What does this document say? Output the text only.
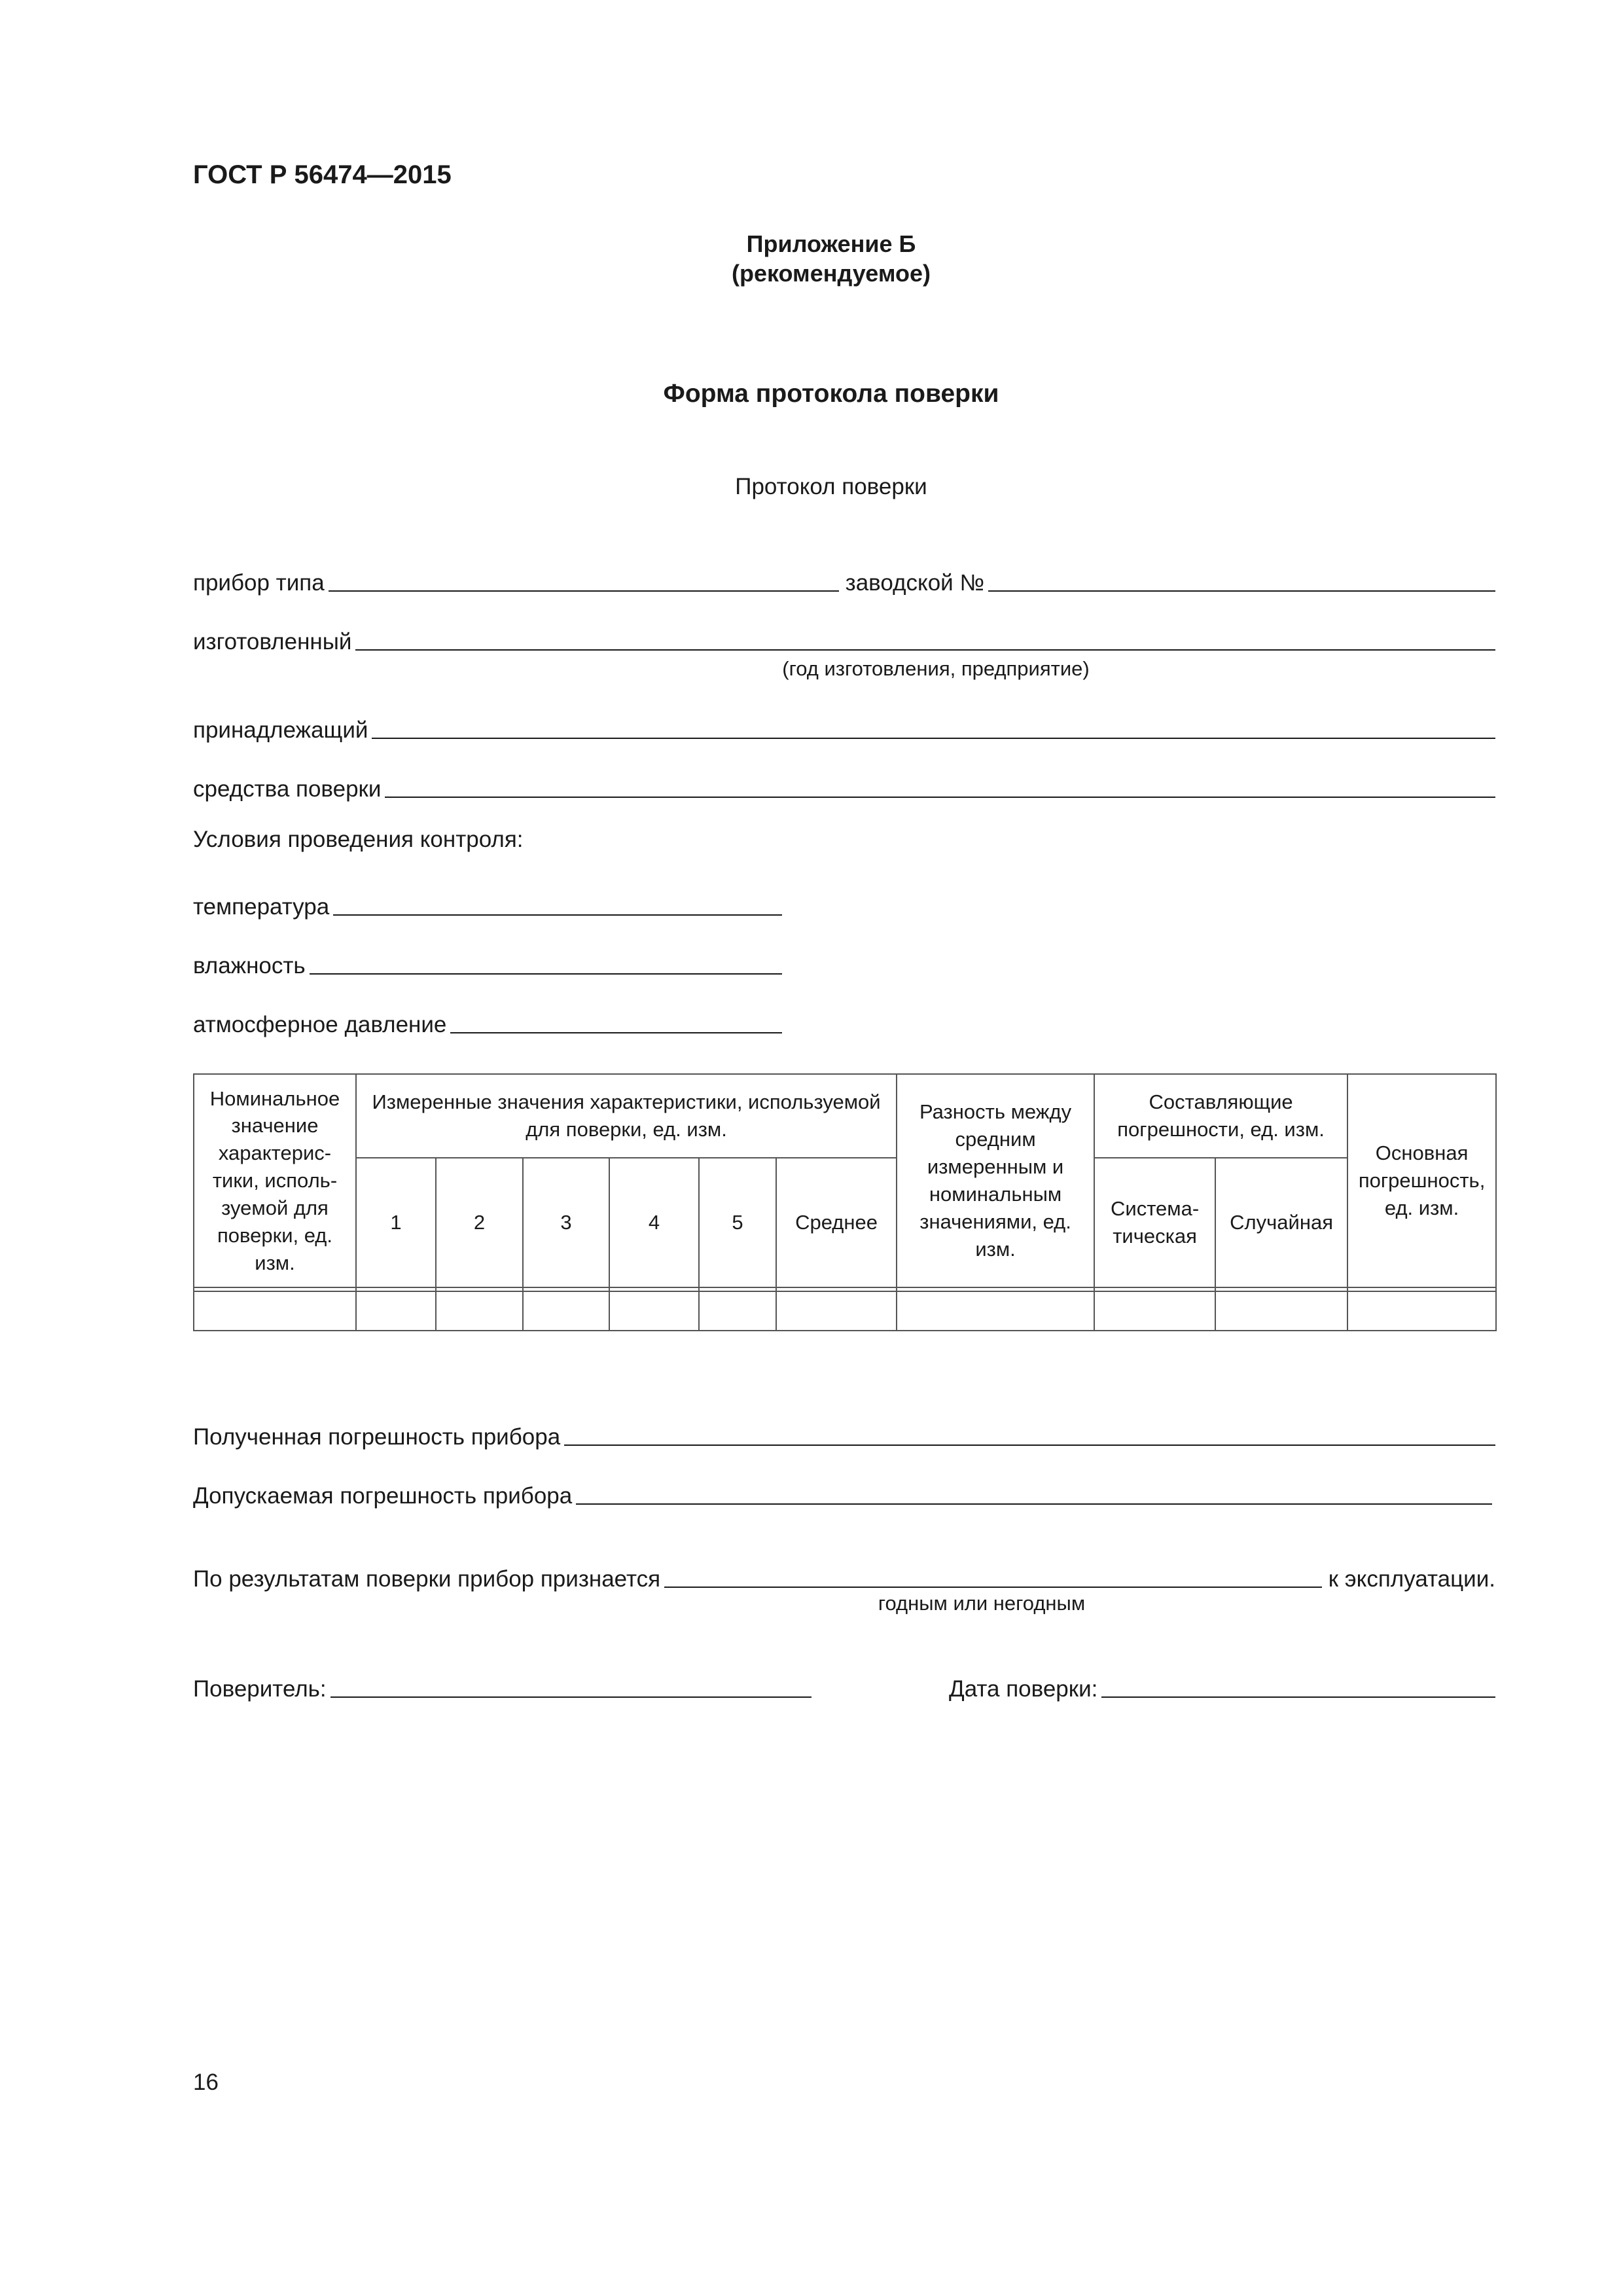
ГОСТ Р 56474—2015
Приложение Б
(рекомендуемое)
Форма протокола поверки
Протокол поверки
прибор типа	заводской №
изготовленный
(год изготовления, предприятие)
принадлежащий
средства поверки
Условия проведения контроля:
температура
влажность
атмосферное давление
Номинальное значение характерис-тики, исполь-зуемой для поверки, ед. изм.	Измеренные значения характеристики, используемой для поверки, ед. изм.						Разность между средним измеренным и номинальным значениями, ед. изм.	Составляющие погрешности, ед. изм.		Основная погрешность, ед. изм.
	1	2	3	4	5	Среднее		Система-тическая	Случайная	

Полученная погрешность прибора
Допускаемая погрешность прибора
По результатам поверки прибор признается	к эксплуатации.
годным или негодным
Поверитель:	Дата поверки:
16
